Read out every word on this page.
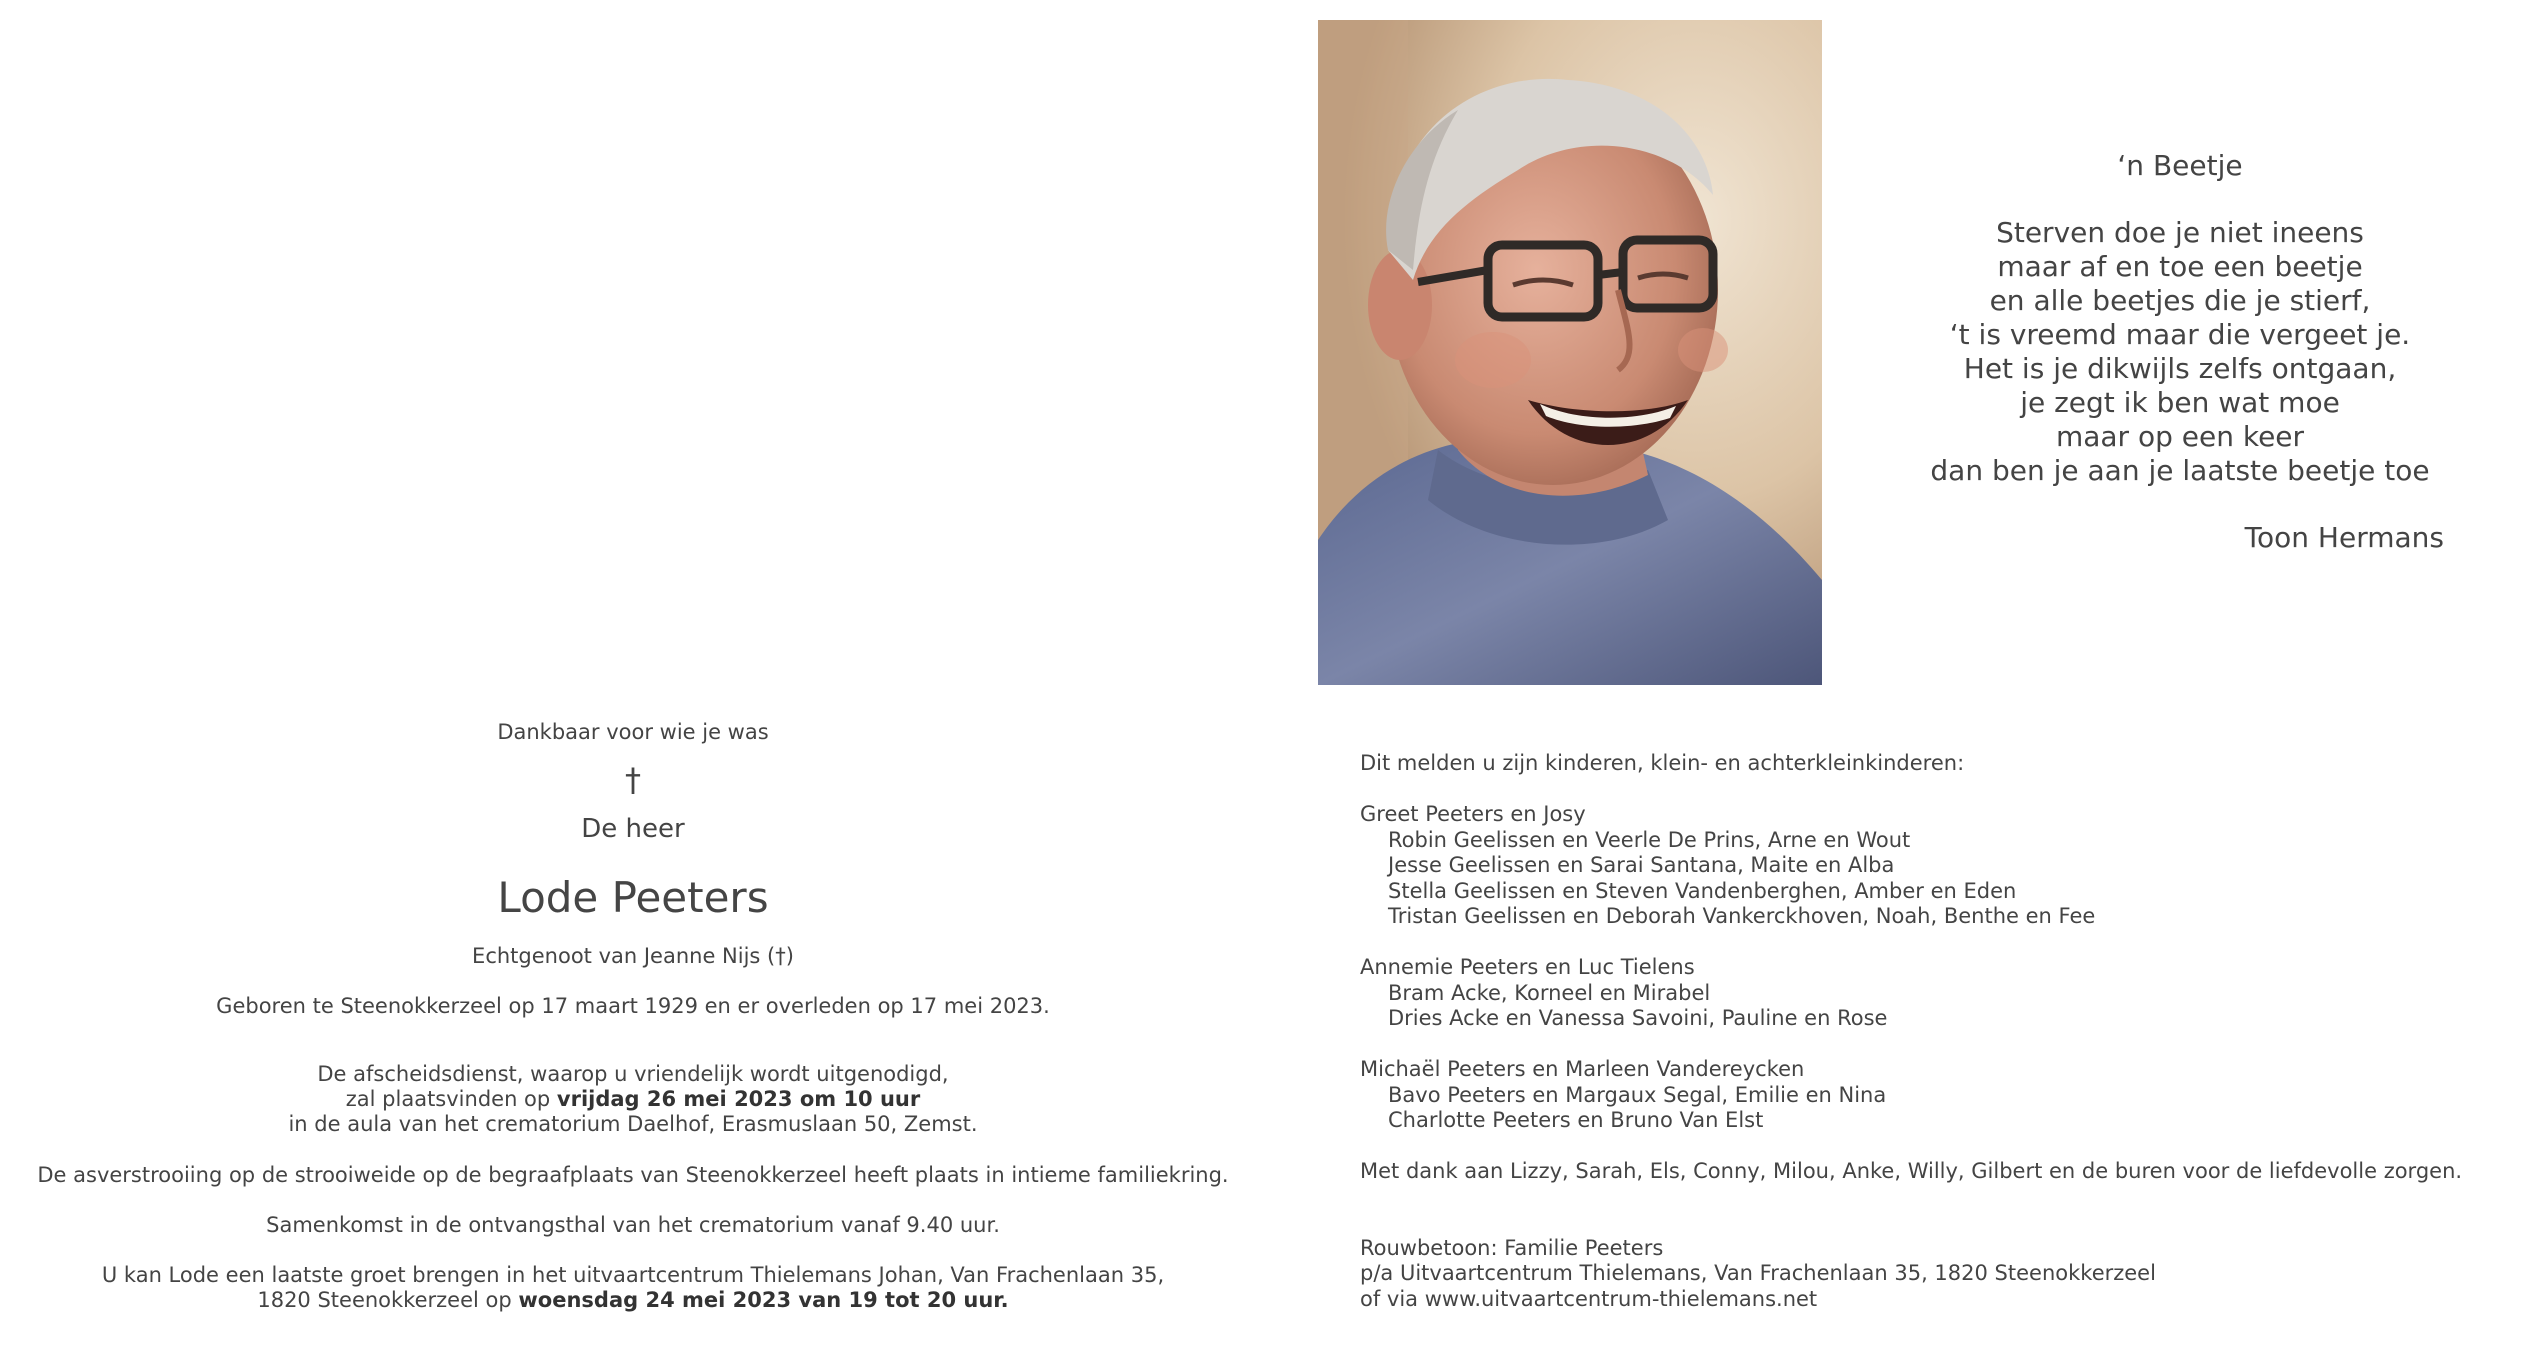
Dankbaar voor wie je was
†
De heer
Lode Peeters
Echtgenoot van Jeanne Nijs (†)
Geboren te Steenokkerzeel op 17 maart 1929 en er overleden op 17 mei 2023.
De afscheidsdienst, waarop u vriendelijk wordt uitgenodigd,
zal plaatsvinden op vrijdag 26 mei 2023 om 10 uur
in de aula van het crematorium Daelhof, Erasmuslaan 50, Zemst.
De asverstrooiing op de strooiweide op de begraafplaats van Steenokkerzeel heeft plaats in intieme familiekring.
Samenkomst in de ontvangsthal van het crematorium vanaf 9.40 uur.
U kan Lode een laatste groet brengen in het uitvaartcentrum Thielemans Johan, Van Frachenlaan 35,
1820 Steenokkerzeel op woensdag 24 mei 2023 van 19 tot 20 uur.
‘n Beetje
Sterven doe je niet ineens
maar af en toe een beetje
en alle beetjes die je stierf,
‘t is vreemd maar die vergeet je.
Het is je dikwijls zelfs ontgaan,
je zegt ik ben wat moe
maar op een keer
dan ben je aan je laatste beetje toe
Toon Hermans
Dit melden u zijn kinderen, klein- en achterkleinkinderen:
Greet Peeters en Josy
Robin Geelissen en Veerle De Prins, Arne en Wout
Jesse Geelissen en Sarai Santana, Maite en Alba
Stella Geelissen en Steven Vandenberghen, Amber en Eden
Tristan Geelissen en Deborah Vankerckhoven, Noah, Benthe en Fee
Annemie Peeters en Luc Tielens
Bram Acke, Korneel en Mirabel
Dries Acke en Vanessa Savoini, Pauline en Rose
Michaël Peeters en Marleen Vandereycken
Bavo Peeters en Margaux Segal, Emilie en Nina
Charlotte Peeters en Bruno Van Elst
Met dank aan Lizzy, Sarah, Els, Conny, Milou, Anke, Willy, Gilbert en de buren voor de liefdevolle zorgen.
Rouwbetoon: Familie Peeters
p/a Uitvaartcentrum Thielemans, Van Frachenlaan 35, 1820 Steenokkerzeel
of via www.uitvaartcentrum-thielemans.net
